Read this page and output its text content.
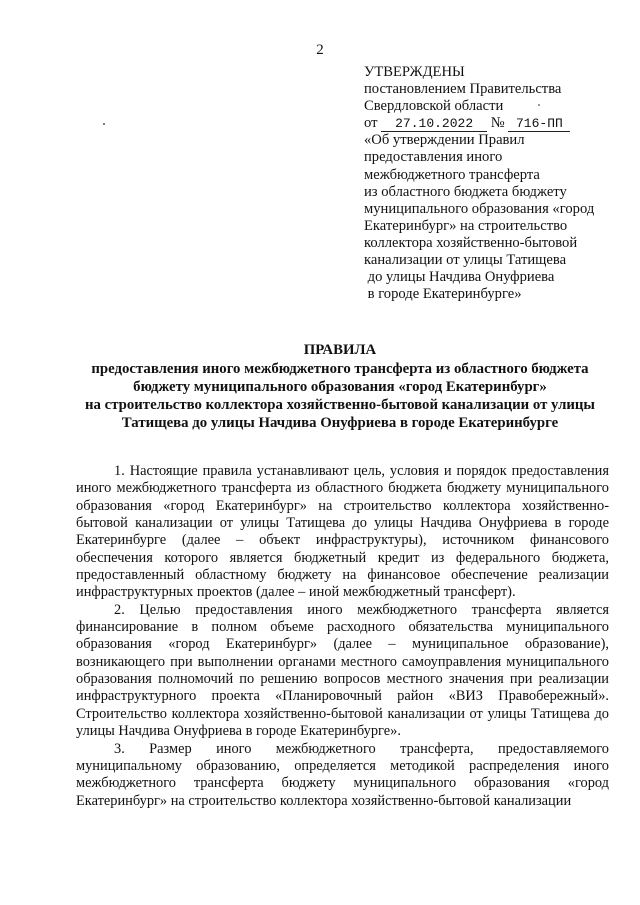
2
УТВЕРЖДЕНЫ
постановлением Правительства
Свердловской области
от 27.10.2022 № 716-ПП
«Об утверждении Правил
предоставления иного
межбюджетного трансферта
из областного бюджета бюджету
муниципального образования «город
Екатеринбург» на строительство
коллектора хозяйственно-бытовой
канализации от улицы Татищева
до улицы Начдива Онуфриева
в городе Екатеринбурге»
ПРАВИЛА
предоставления иного межбюджетного трансферта из областного бюджета
бюджету муниципального образования «город Екатеринбург»
на строительство коллектора хозяйственно-бытовой канализации от улицы
Татищева до улицы Начдива Онуфриева в городе Екатеринбурге

1. Настоящие правила устанавливают цель, условия и порядок предоставления иного межбюджетного трансферта из областного бюджета бюджету муниципального образования «город Екатеринбург» на строительство коллектора хозяйственно-бытовой канализации от улицы Татищева до улицы Начдива Онуфриева в городе Екатеринбурге (далее – объект инфраструктуры), источником финансового обеспечения которого является бюджетный кредит из федерального бюджета, предоставленный областному бюджету на финансовое обеспечение реализации инфраструктурных проектов (далее – иной межбюджетный трансферт).

2. Целью предоставления иного межбюджетного трансферта является финансирование в полном объеме расходного обязательства муниципального образования «город Екатеринбург» (далее – муниципальное образование), возникающего при выполнении органами местного самоуправления муниципального образования полномочий по решению вопросов местного значения при реализации инфраструктурного проекта «Планировочный район «ВИЗ Правобережный». Строительство коллектора хозяйственно-бытовой канализации от улицы Татищева до улицы Начдива Онуфриева в городе Екатеринбурге».

3. Размер иного межбюджетного трансферта, предоставляемого муниципальному образованию, определяется методикой распределения иного межбюджетного трансферта бюджету муниципального образования «город Екатеринбург» на строительство коллектора хозяйственно-бытовой канализации
